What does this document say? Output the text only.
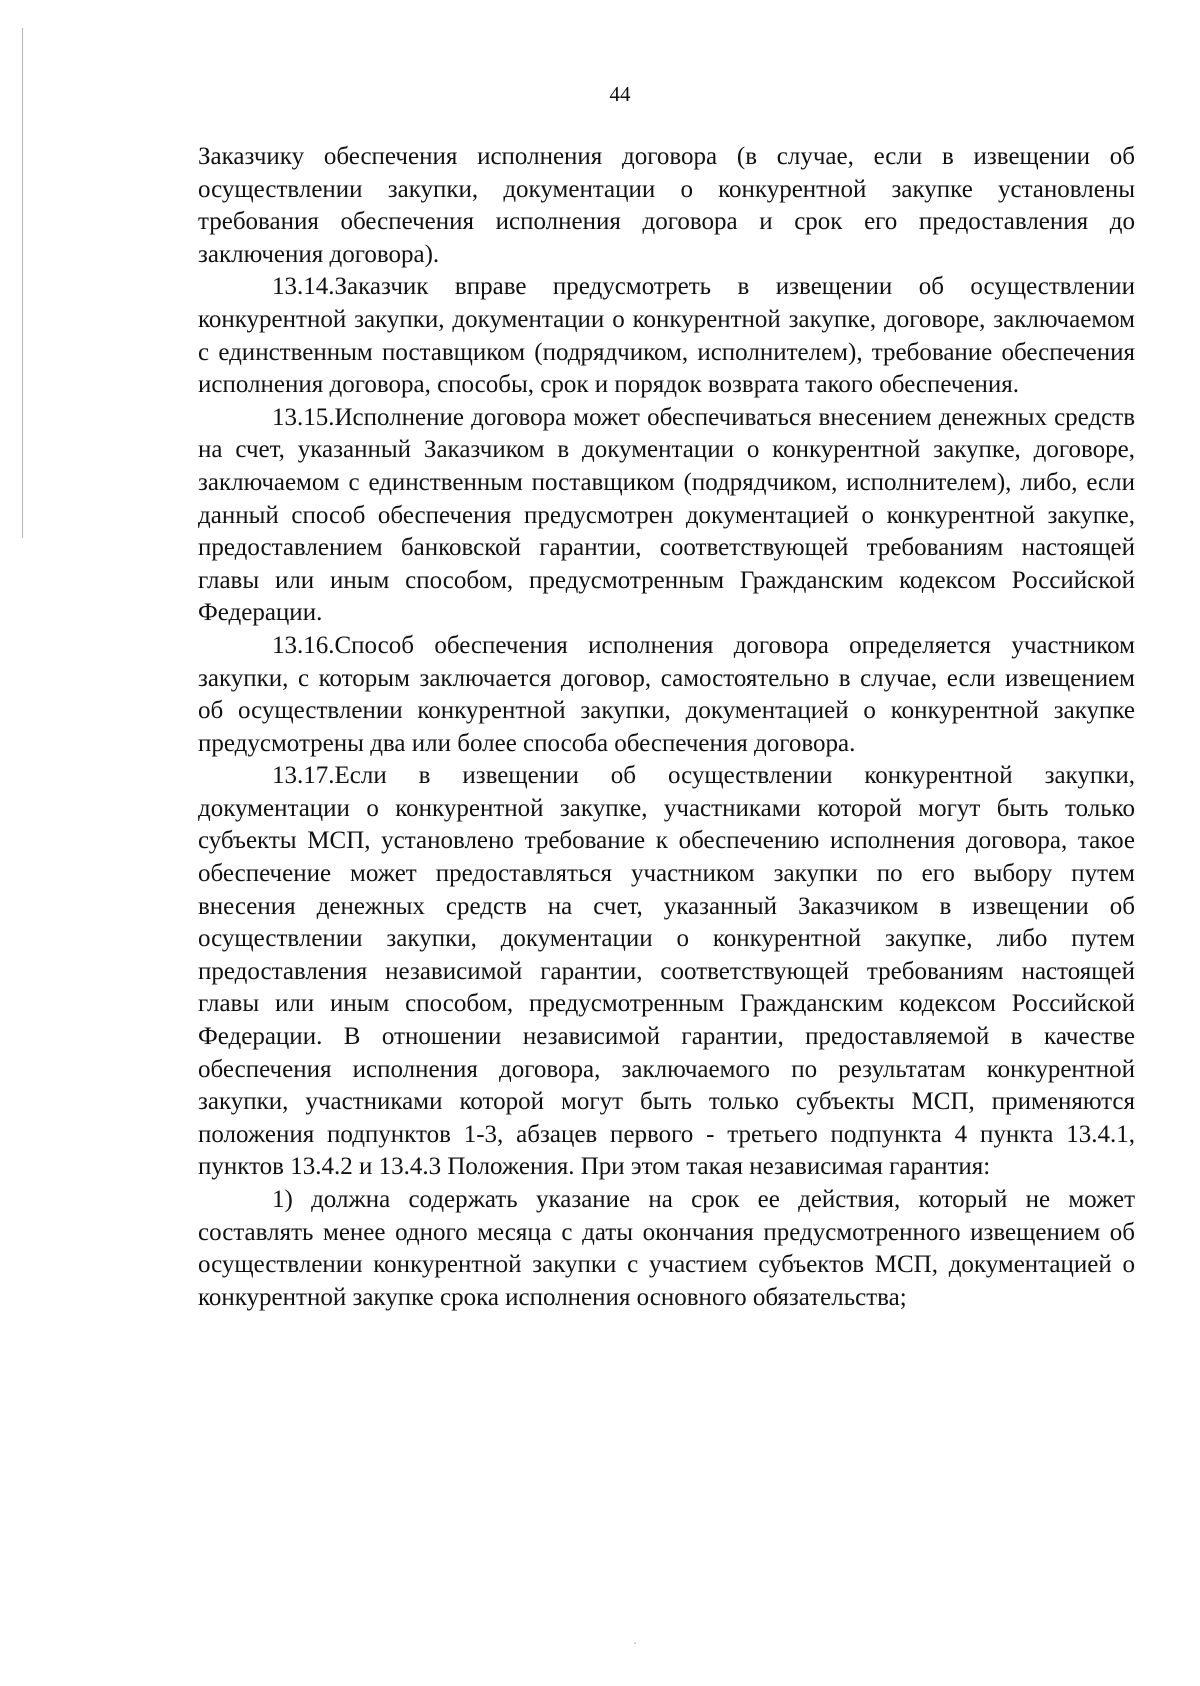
44

Заказчику обеспечения исполнения договора (в случае, если в извещении об осуществлении закупки, документации о конкурентной закупке установлены требования обеспечения исполнения договора и срок его предоставления до заключения договора).

13.14.Заказчик вправе предусмотреть в извещении об осуществлении конкурентной закупки, документации о конкурентной закупке, договоре, заключаемом с единственным поставщиком (подрядчиком, исполнителем), требование обеспечения исполнения договора, способы, срок и порядок возврата такого обеспечения.

13.15.Исполнение договора может обеспечиваться внесением денежных средств на счет, указанный Заказчиком в документации о конкурентной закупке, договоре, заключаемом с единственным поставщиком (подрядчиком, исполнителем), либо, если данный способ обеспечения предусмотрен документацией о конкурентной закупке, предоставлением банковской гарантии, соответствующей требованиям настоящей главы или иным способом, предусмотренным Гражданским кодексом Российской Федерации.

13.16.Способ обеспечения исполнения договора определяется участником закупки, с которым заключается договор, самостоятельно в случае, если извещением об осуществлении конкурентной закупки, документацией о конкурентной закупке предусмотрены два или более способа обеспечения договора.

13.17.Если в извещении об осуществлении конкурентной закупки, документации о конкурентной закупке, участниками которой могут быть только субъекты МСП, установлено требование к обеспечению исполнения договора, такое обеспечение может предоставляться участником закупки по его выбору путем внесения денежных средств на счет, указанный Заказчиком в извещении об осуществлении закупки, документации о конкурентной закупке, либо путем предоставления независимой гарантии, соответствующей требованиям настоящей главы или иным способом, предусмотренным Гражданским кодексом Российской Федерации. В отношении независимой гарантии, предоставляемой в качестве обеспечения исполнения договора, заключаемого по результатам конкурентной закупки, участниками которой могут быть только субъекты МСП, применяются положения подпунктов 1-3, абзацев первого - третьего подпункта 4 пункта 13.4.1, пунктов 13.4.2 и 13.4.3 Положения. При этом такая независимая гарантия:

1) должна содержать указание на срок ее действия, который не может составлять менее одного месяца с даты окончания предусмотренного извещением об осуществлении конкурентной закупки с участием субъектов МСП, документацией о конкурентной закупке срока исполнения основного обязательства;
